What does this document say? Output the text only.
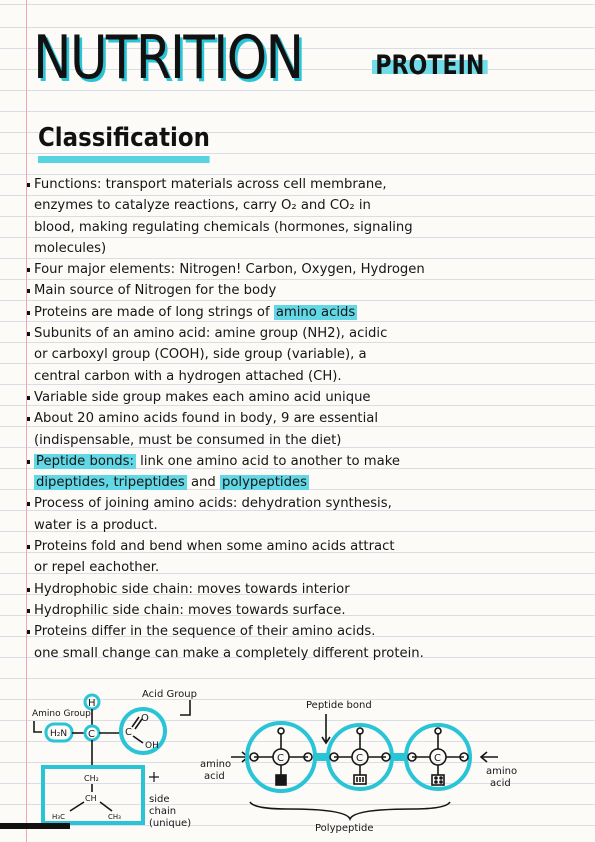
NUTRITION	PROTEIN
Classification

Functions: transport materials across cell membrane,

enzymes to catalyze reactions, carry O₂ and CO₂ in

blood, making regulating chemicals (hormones, signaling

molecules)

Four major elements: Nitrogen! Carbon, Oxygen, Hydrogen

Main source of Nitrogen for the body

Proteins are made of long strings of amino acids

Subunits of an amino acid: amine group (NH2), acidic

or carboxyl group (COOH), side group (variable), a

central carbon with a hydrogen attached (CH).

Variable side group makes each amino acid unique

About 20 amino acids found in body, 9 are essential

(indispensable, must be consumed in the diet)

Peptide bonds: link one amino acid to another to make

dipeptides, tripeptides and polypeptides

Process of joining amino acids: dehydration synthesis,

water is a product.

Proteins fold and bend when some amino acids attract

or repel eachother.

Hydrophobic side chain: moves towards interior

Hydrophilic side chain: moves towards surface.

Proteins differ in the sequence of their amino acids.

one small change can make a completely different protein.

Acid Group
Amino Group
H
H₂N C	C
O
OH
CH₂
CH
H₃C	CH₃
side
chain
(unique)
Peptide bond
amino
acid
C	C	C
amino
acid
Polypeptide
